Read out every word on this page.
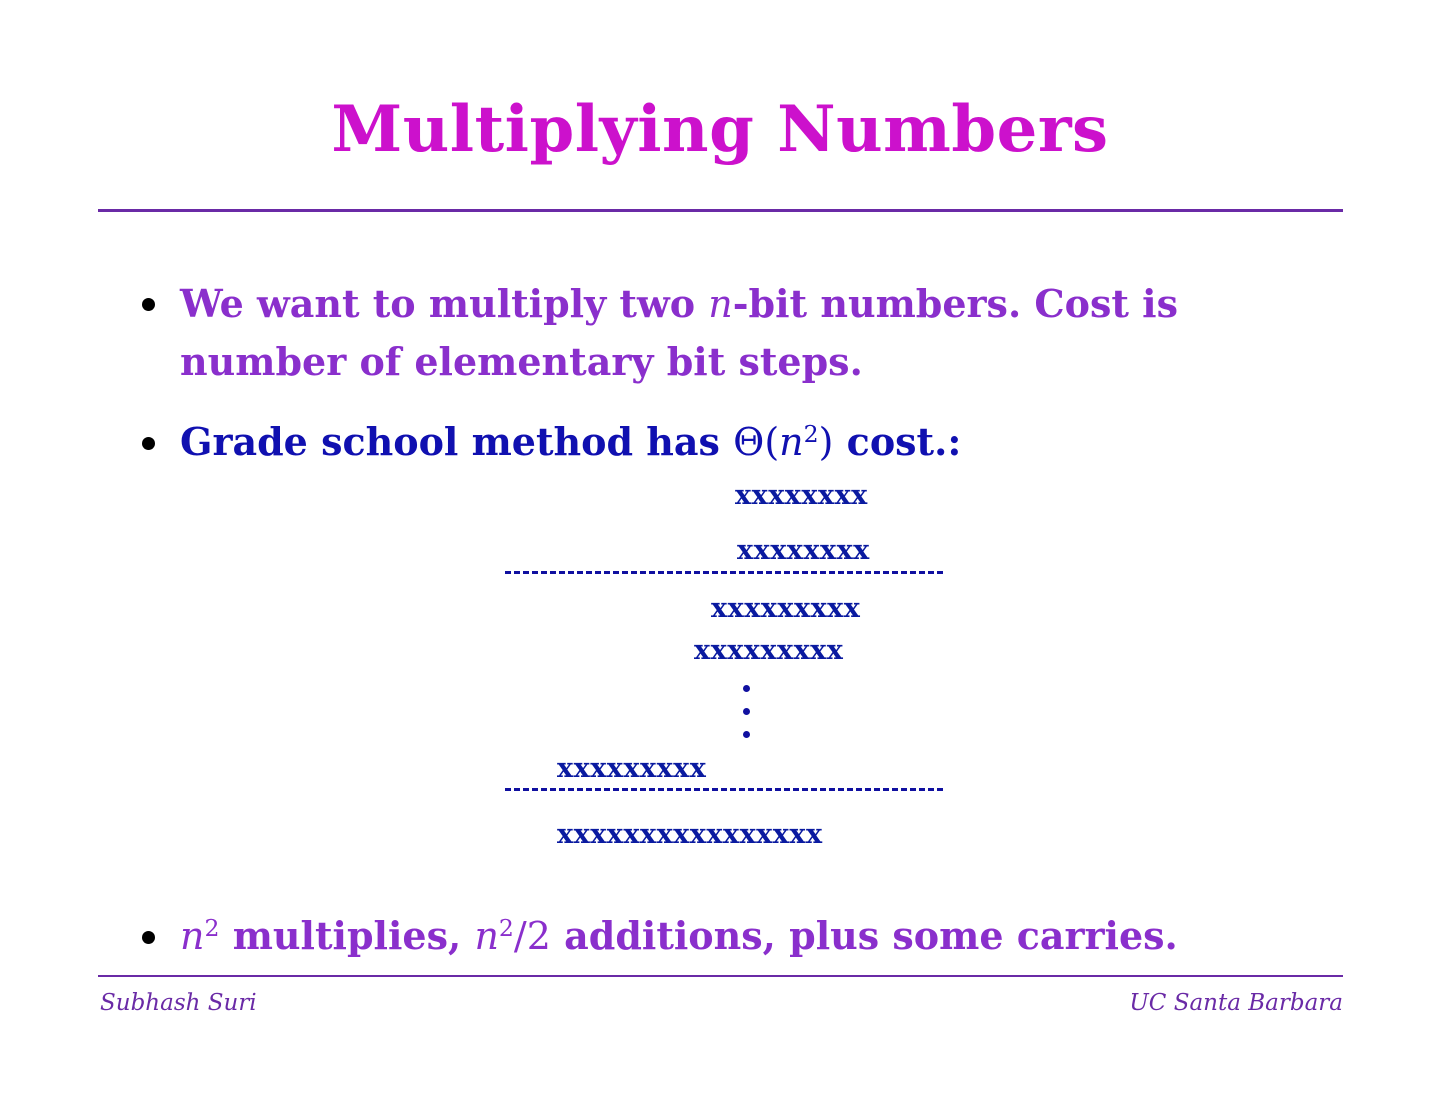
Multiplying Numbers
We want to multiply two n-bit numbers. Cost is
number of elementary bit steps.
Grade school method has $\Theta(n^2)$ cost.:
xxxxxxxx
xxxxxxxx
xxxxxxxxx
xxxxxxxxx
xxxxxxxxx
xxxxxxxxxxxxxxxx
$n^2$ multiplies, $n^2/2$ additions, plus some carries.
Subhash Suri	UC Santa Barbara
